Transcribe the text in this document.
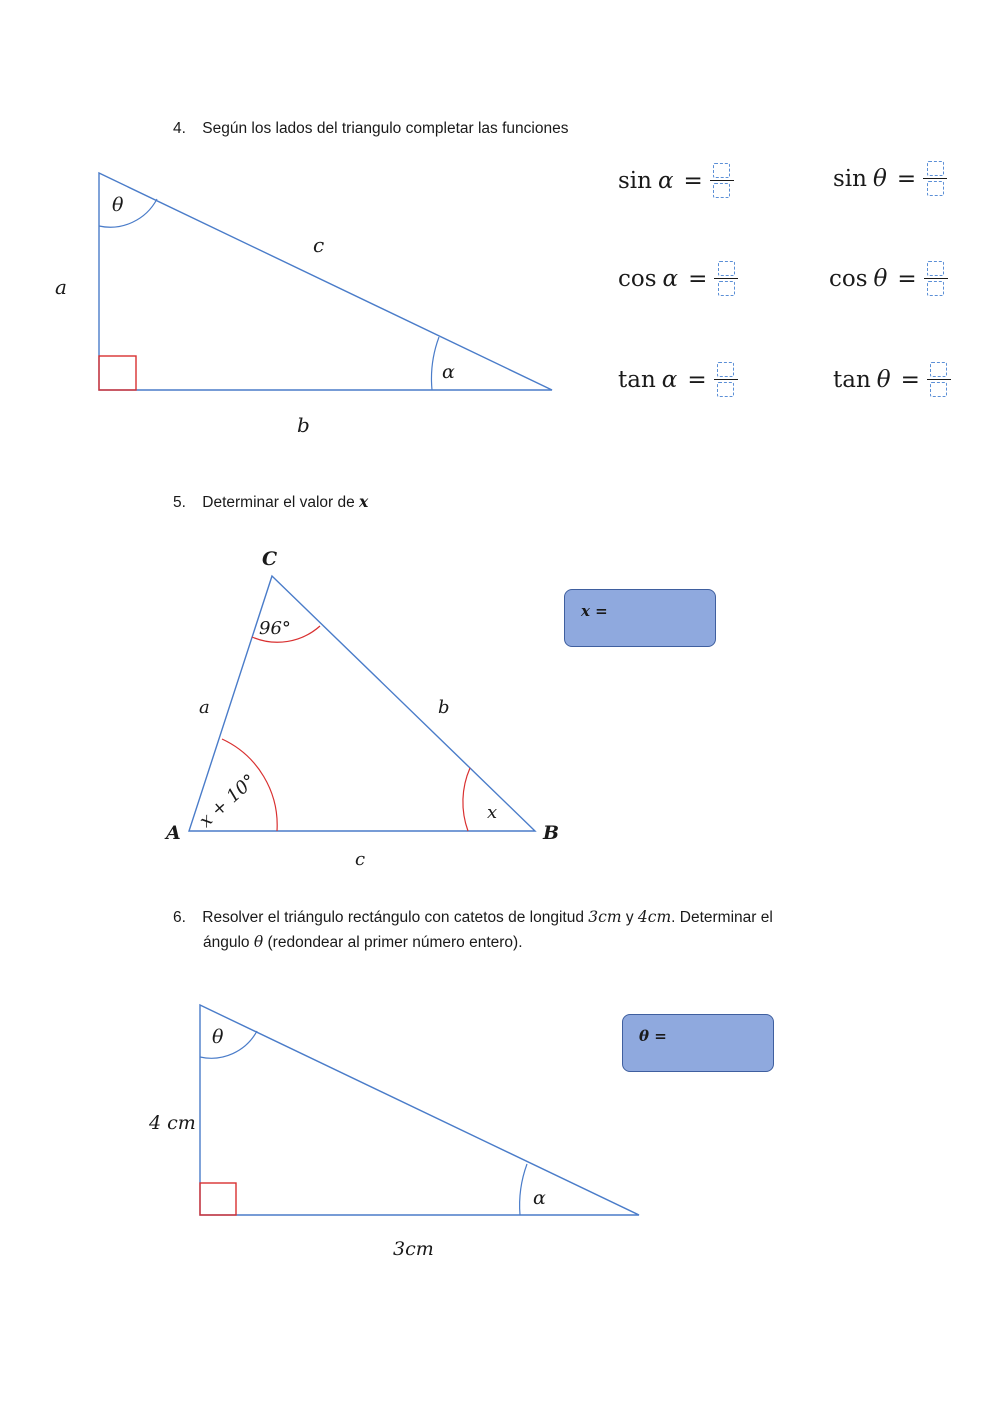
4. Según los lados del triangulo completar las funciones
θ
c
a
α
b
sin α =	sin θ =
cos α =	cos θ =
tan α =	tan θ =
5. Determinar el valor de x
C
96°
a	b
x + 10°	x
A	B
c
x =
6. Resolver el triángulo rectángulo con catetos de longitud 3cm y 4cm. Determinar el
ángulo θ (redondear al primer número entero).
θ
4 cm
α
3cm
θ =
